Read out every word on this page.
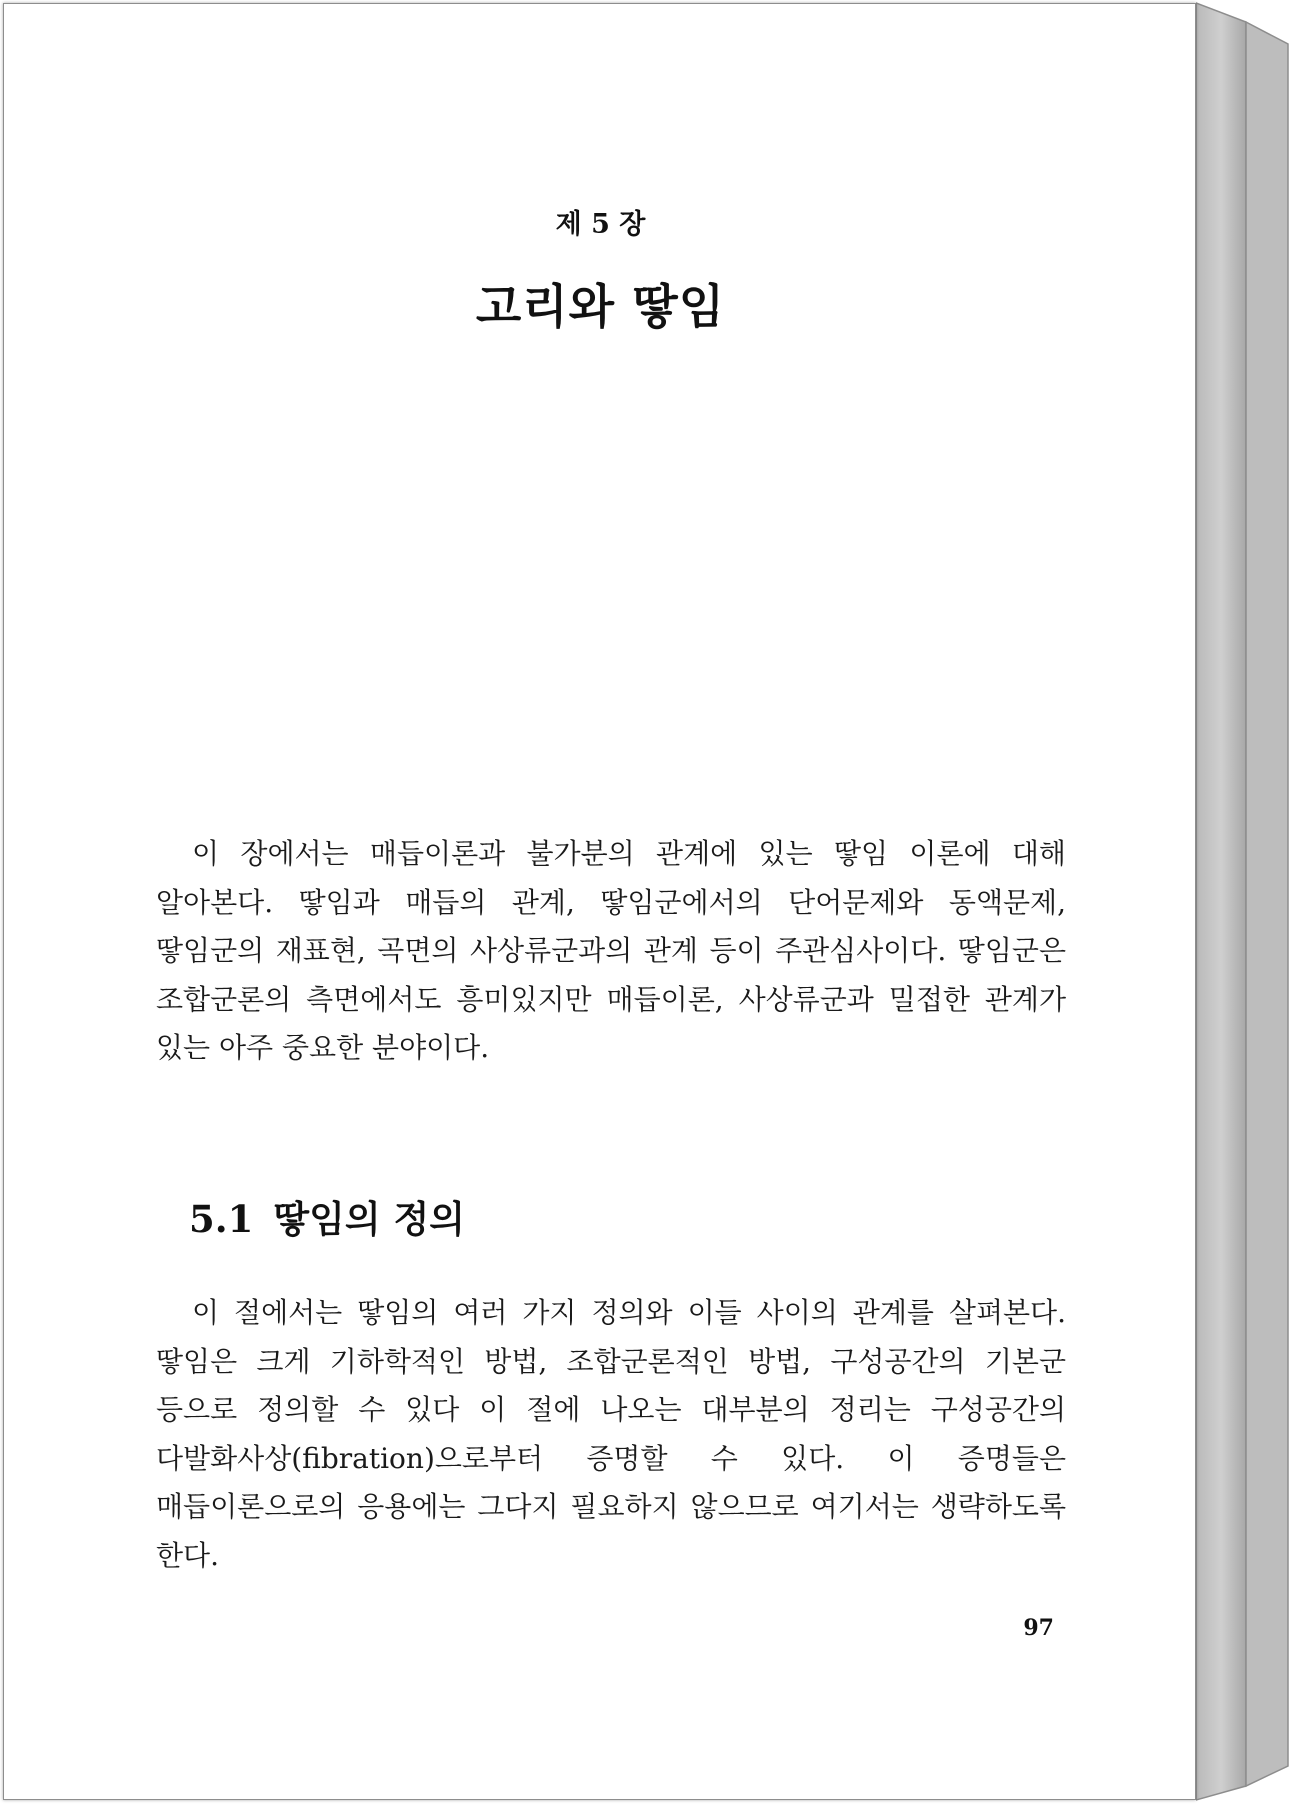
제 5 장
고리와 땋임

이 장에서는 매듭이론과 불가분의 관계에 있는 땋임 이론에 대해 알아본다. 땋임과 매듭의 관계, 땋임군에서의 단어문제와 동액문제, 땋임군의 재표현, 곡면의 사상류군과의 관계 등이 주관심사이다. 땋임군은 조합군론의 측면에서도 흥미있지만 매듭이론, 사상류군과 밀접한 관계가 있는 아주 중요한 분야이다.

5.1 땋임의 정의

이 절에서는 땋임의 여러 가지 정의와 이들 사이의 관계를 살펴본다. 땋임은 크게 기하학적인 방법, 조합군론적인 방법, 구성공간의 기본군 등으로 정의할 수 있다 이 절에 나오는 대부분의 정리는 구성공간의 다발화사상(fibration)으로부터 증명할 수 있다. 이 증명들은 매듭이론으로의 응용에는 그다지 필요하지 않으므로 여기서는 생략하도록 한다.

97
